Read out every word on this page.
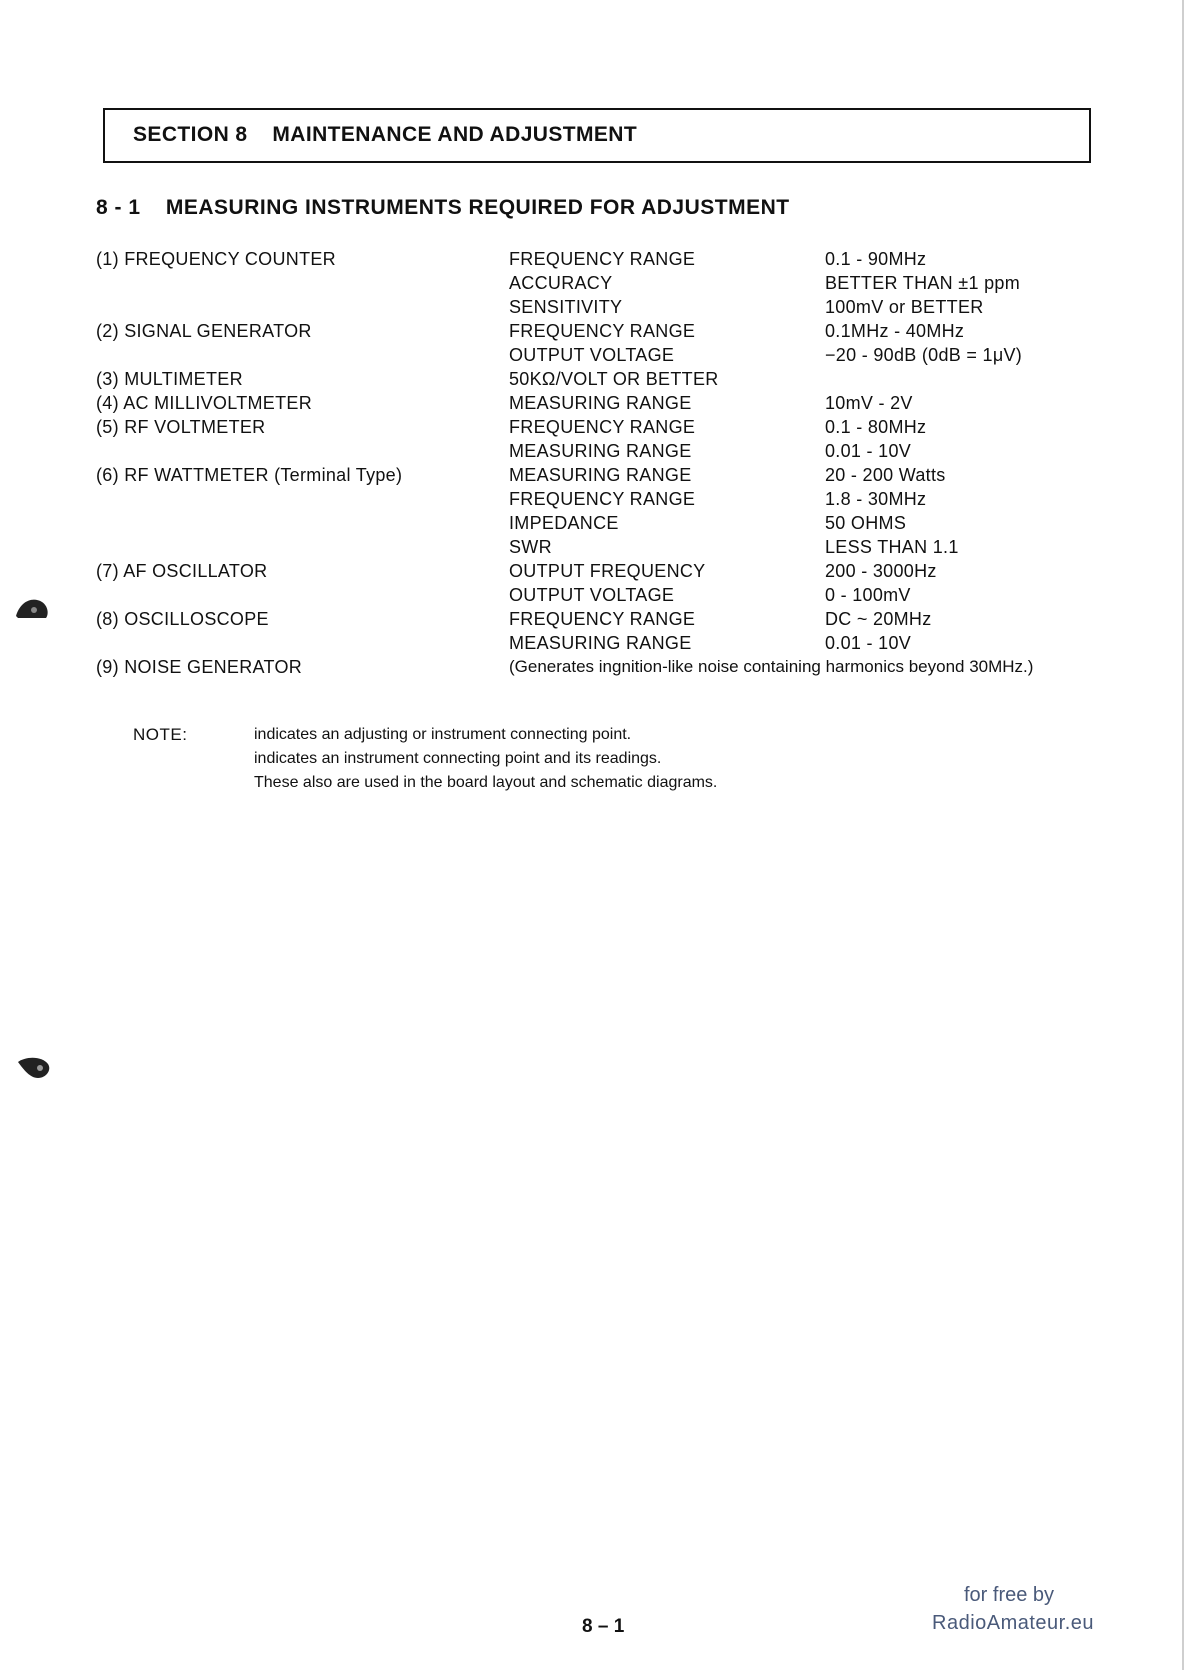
SECTION 8    MAINTENANCE AND ADJUSTMENT
8 - 1    MEASURING INSTRUMENTS REQUIRED FOR ADJUSTMENT
(1) FREQUENCY COUNTER	FREQUENCY RANGE	0.1 - 90MHz
ACCURACY	BETTER THAN ±1 ppm
SENSITIVITY	100mV or BETTER
(2) SIGNAL GENERATOR	FREQUENCY RANGE	0.1MHz - 40MHz
OUTPUT VOLTAGE	−20 - 90dB (0dB = 1μV)
(3) MULTIMETER	50KΩ/VOLT OR BETTER
(4) AC MILLIVOLTMETER	MEASURING RANGE	10mV - 2V
(5) RF VOLTMETER	FREQUENCY RANGE	0.1 - 80MHz
MEASURING RANGE	0.01 - 10V
(6) RF WATTMETER (Terminal Type)	MEASURING RANGE	20 - 200 Watts
FREQUENCY RANGE	1.8 - 30MHz
IMPEDANCE	50 OHMS
SWR	LESS THAN 1.1
(7) AF OSCILLATOR	OUTPUT FREQUENCY	200 - 3000Hz
OUTPUT VOLTAGE	0 - 100mV
(8) OSCILLOSCOPE	FREQUENCY RANGE	DC ~ 20MHz
MEASURING RANGE	0.01 - 10V
(9) NOISE GENERATOR	(Generates ingnition-like noise containing harmonics beyond 30MHz.)
NOTE:	indicates an adjusting or instrument connecting point.
indicates an instrument connecting point and its readings.
These also are used in the board layout and schematic diagrams.
8 – 1
for free by
RadioAmateur.eu
